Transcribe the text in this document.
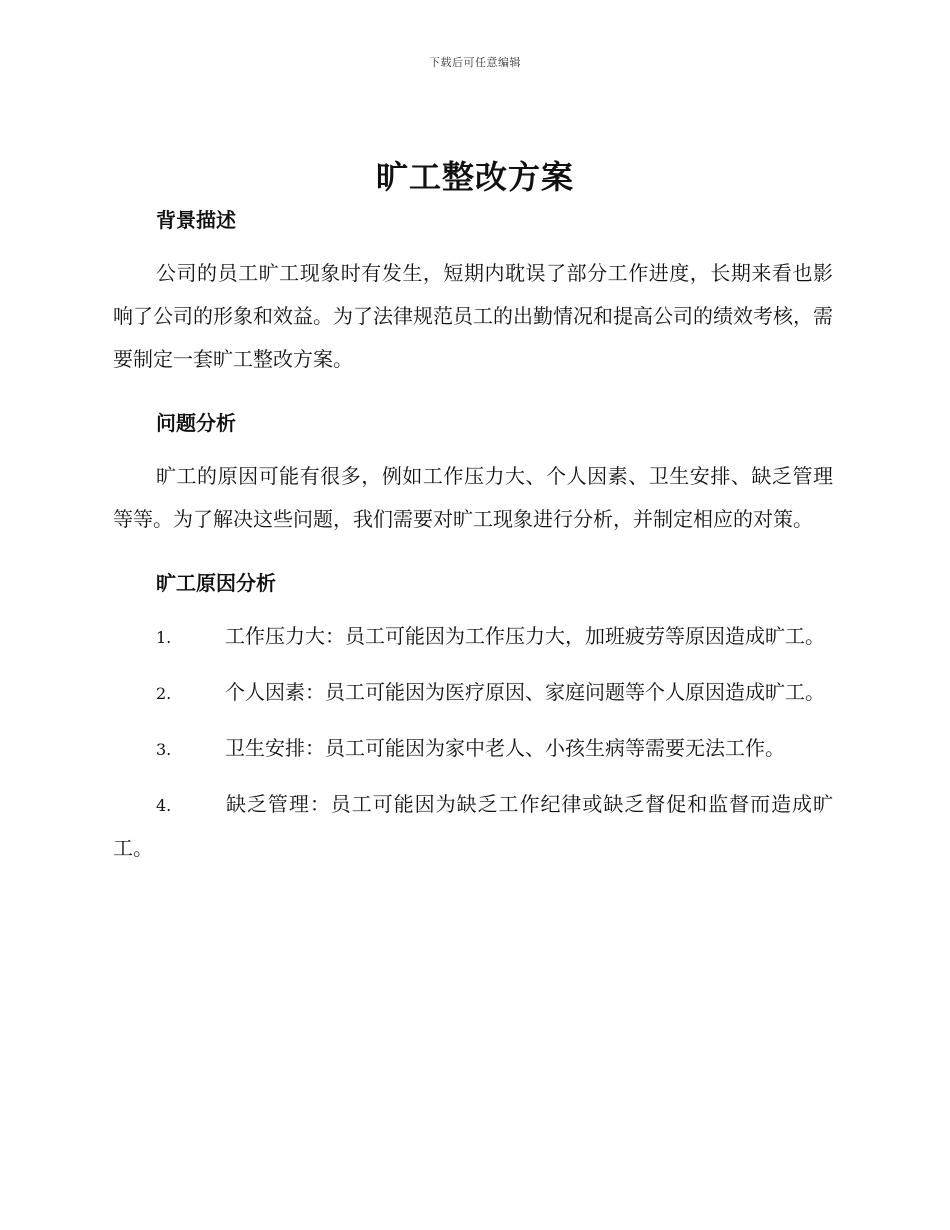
下载后可任意编辑
旷工整改方案
背景描述

公司的员工旷工现象时有发生，短期内耽误了部分工作进度，长期来看也影响了公司的形象和效益。为了法律规范员工的出勤情况和提高公司的绩效考核，需要制定一套旷工整改方案。

问题分析

旷工的原因可能有很多，例如工作压力大、个人因素、卫生安排、缺乏管理等等。为了解决这些问题，我们需要对旷工现象进行分析，并制定相应的对策。

旷工原因分析
1.	工作压力大：员工可能因为工作压力大，加班疲劳等原因造成旷工。
2.	个人因素：员工可能因为医疗原因、家庭问题等个人原因造成旷工。
3.	卫生安排：员工可能因为家中老人、小孩生病等需要无法工作。
4.	缺乏管理：员工可能因为缺乏工作纪律或缺乏督促和监督而造成旷工。
